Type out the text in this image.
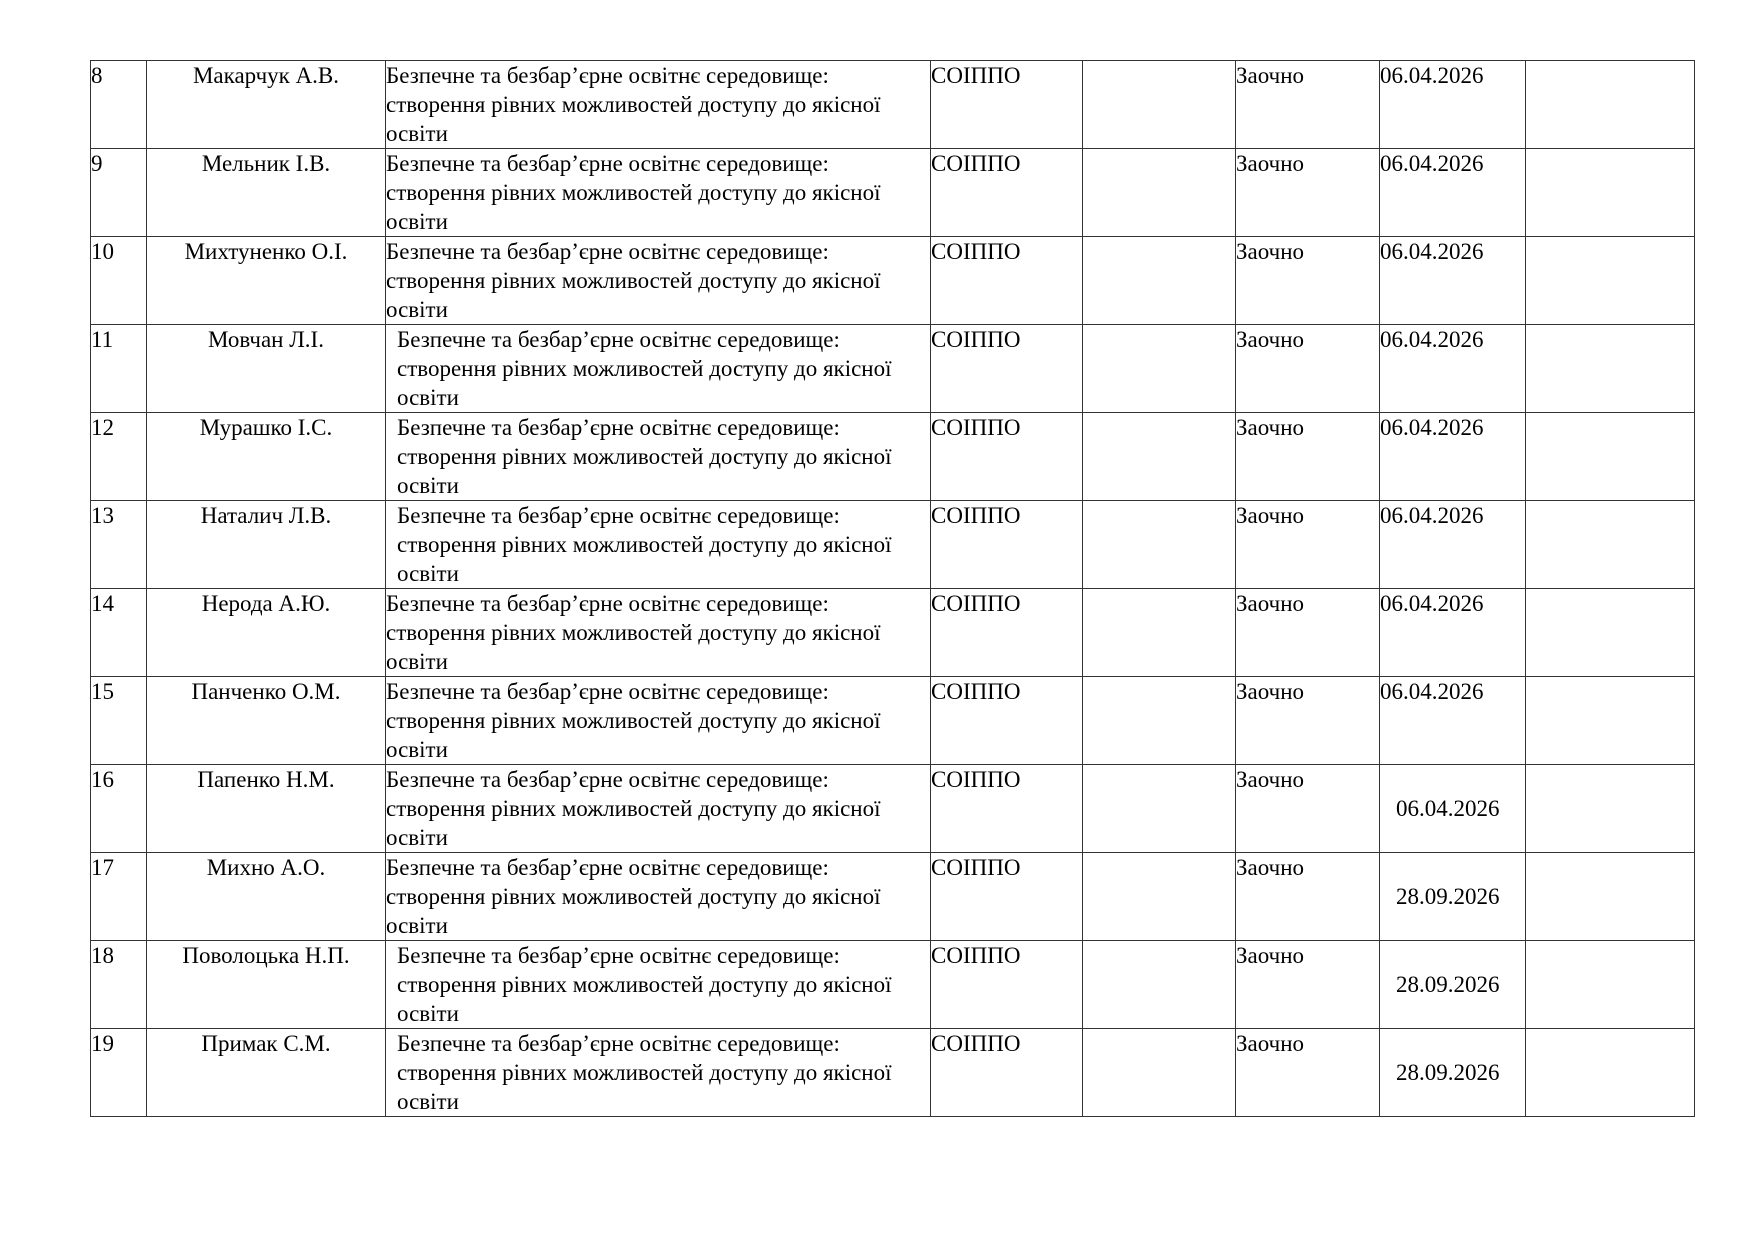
8	Макарчук А.В.	Безпечне та безбар’єрне освітнє середовище: створення рівних можливостей доступу до якісної освіти	СОІППО		Заочно	06.04.2026	
9	Мельник І.В.	Безпечне та безбар’єрне освітнє середовище: створення рівних можливостей доступу до якісної освіти	СОІППО		Заочно	06.04.2026	
10	Михтуненко О.І.	Безпечне та безбар’єрне освітнє середовище: створення рівних можливостей доступу до якісної освіти	СОІППО		Заочно	06.04.2026	
11	Мовчан Л.І.	Безпечне та безбар’єрне освітнє середовище: створення рівних можливостей доступу до якісної освіти	СОІППО		Заочно	06.04.2026	
12	Мурашко І.С.	Безпечне та безбар’єрне освітнє середовище: створення рівних можливостей доступу до якісної освіти	СОІППО		Заочно	06.04.2026	
13	Наталич Л.В.	Безпечне та безбар’єрне освітнє середовище: створення рівних можливостей доступу до якісної освіти	СОІППО		Заочно	06.04.2026	
14	Нерода А.Ю.	Безпечне та безбар’єрне освітнє середовище: створення рівних можливостей доступу до якісної освіти	СОІППО		Заочно	06.04.2026	
15	Панченко О.М.	Безпечне та безбар’єрне освітнє середовище: створення рівних можливостей доступу до якісної освіти	СОІППО		Заочно	06.04.2026	
16	Папенко Н.М.	Безпечне та безбар’єрне освітнє середовище: створення рівних можливостей доступу до якісної освіти	СОІППО		Заочно	06.04.2026	
17	Михно А.О.	Безпечне та безбар’єрне освітнє середовище: створення рівних можливостей доступу до якісної освіти	СОІППО		Заочно	28.09.2026	
18	Поволоцька Н.П.	Безпечне та безбар’єрне освітнє середовище: створення рівних можливостей доступу до якісної освіти	СОІППО		Заочно	28.09.2026	
19	Примак С.М.	Безпечне та безбар’єрне освітнє середовище: створення рівних можливостей доступу до якісної освіти	СОІППО		Заочно	28.09.2026	
